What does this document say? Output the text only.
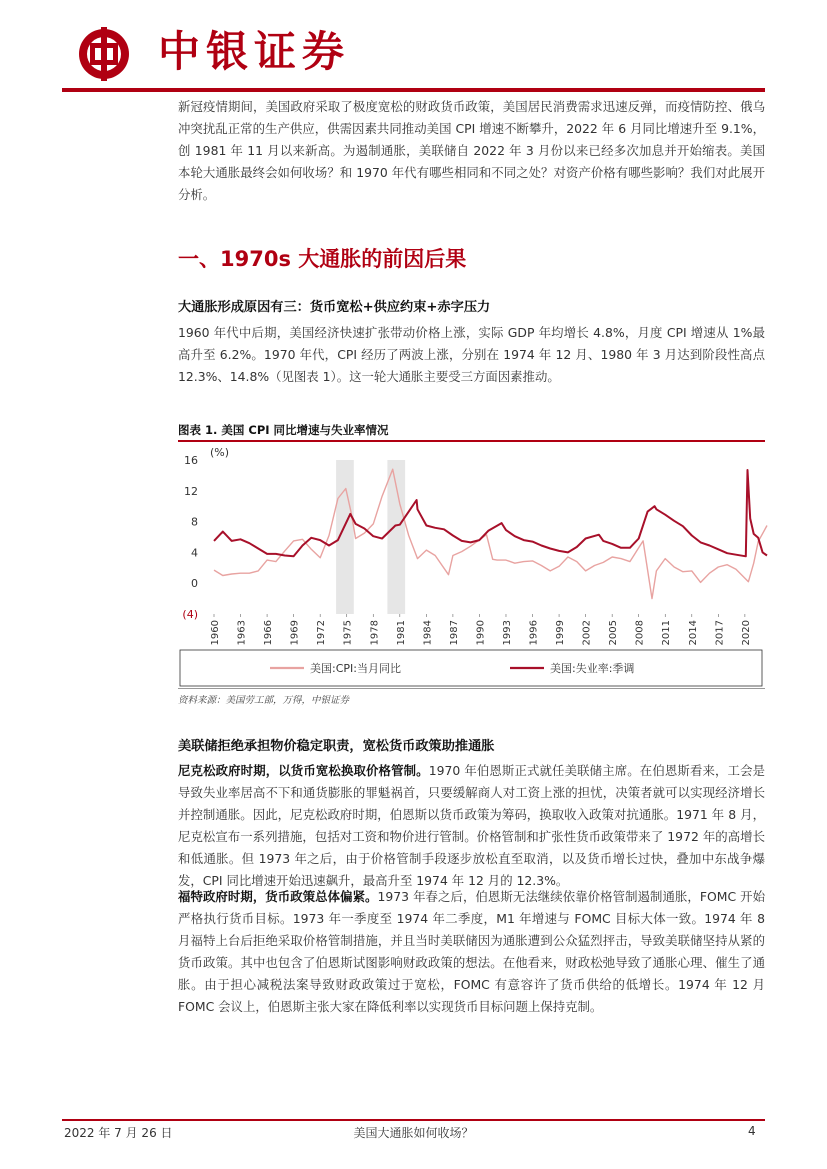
中银证券
新冠疫情期间，美国政府采取了极度宽松的财政货币政策，美国居民消费需求迅速反弹，而疫情防控、俄乌冲突扰乱正常的生产供应，供需因素共同推动美国 CPI 增速不断攀升，2022 年 6 月同比增速升至 9.1%，创 1981 年 11 月以来新高。为遏制通胀，美联储自 2022 年 3 月份以来已经多次加息并开始缩表。美国本轮大通胀最终会如何收场？和 1970 年代有哪些相同和不同之处？对资产价格有哪些影响？我们对此展开分析。
一、1970s 大通胀的前因后果
大通胀形成原因有三：货币宽松+供应约束+赤字压力
1960 年代中后期，美国经济快速扩张带动价格上涨，实际 GDP 年均增长 4.8%，月度 CPI 增速从 1%最高升至 6.2%。1970 年代，CPI 经历了两波上涨，分别在 1974 年 12 月、1980 年 3 月达到阶段性高点 12.3%、14.8%（见图表 1）。这一轮大通胀主要受三方面因素推动。
图表 1. 美国 CPI 同比增速与失业率情况
(%)
16
12
8
4
0
(4)
1960 1963 1966 1969 1972 1975 1978 1981 1984 1987 1990 1993 1996 1999 2002 2005 2008 2011 2014 2017 2020
美国:CPI:当月同比	美国:失业率:季调
资料来源：美国劳工部，万得，中银证券
美联储拒绝承担物价稳定职责，宽松货币政策助推通胀
尼克松政府时期，以货币宽松换取价格管制。1970 年伯恩斯正式就任美联储主席。在伯恩斯看来，工会是导致失业率居高不下和通货膨胀的罪魁祸首，只要缓解商人对工资上涨的担忧，决策者就可以实现经济增长并控制通胀。因此，尼克松政府时期，伯恩斯以货币政策为筹码，换取收入政策对抗通胀。1971 年 8 月，尼克松宣布一系列措施，包括对工资和物价进行管制。价格管制和扩张性货币政策带来了 1972 年的高增长和低通胀。但 1973 年之后，由于价格管制手段逐步放松直至取消，以及货币增长过快，叠加中东战争爆发，CPI 同比增速开始迅速飙升，最高升至 1974 年 12 月的 12.3%。
福特政府时期，货币政策总体偏紧。1973 年春之后，伯恩斯无法继续依靠价格管制遏制通胀，FOMC 开始严格执行货币目标。1973 年一季度至 1974 年二季度，M1 年增速与 FOMC 目标大体一致。1974 年 8 月福特上台后拒绝采取价格管制措施，并且当时美联储因为通胀遭到公众猛烈抨击，导致美联储坚持从紧的货币政策。其中也包含了伯恩斯试图影响财政政策的想法。在他看来，财政松弛导致了通胀心理、催生了通胀。由于担心减税法案导致财政政策过于宽松，FOMC 有意容许了货币供给的低增长。1974 年 12 月 FOMC 会议上，伯恩斯主张大家在降低利率以实现货币目标问题上保持克制。
2022 年 7 月 26 日	美国大通胀如何收场？	4
